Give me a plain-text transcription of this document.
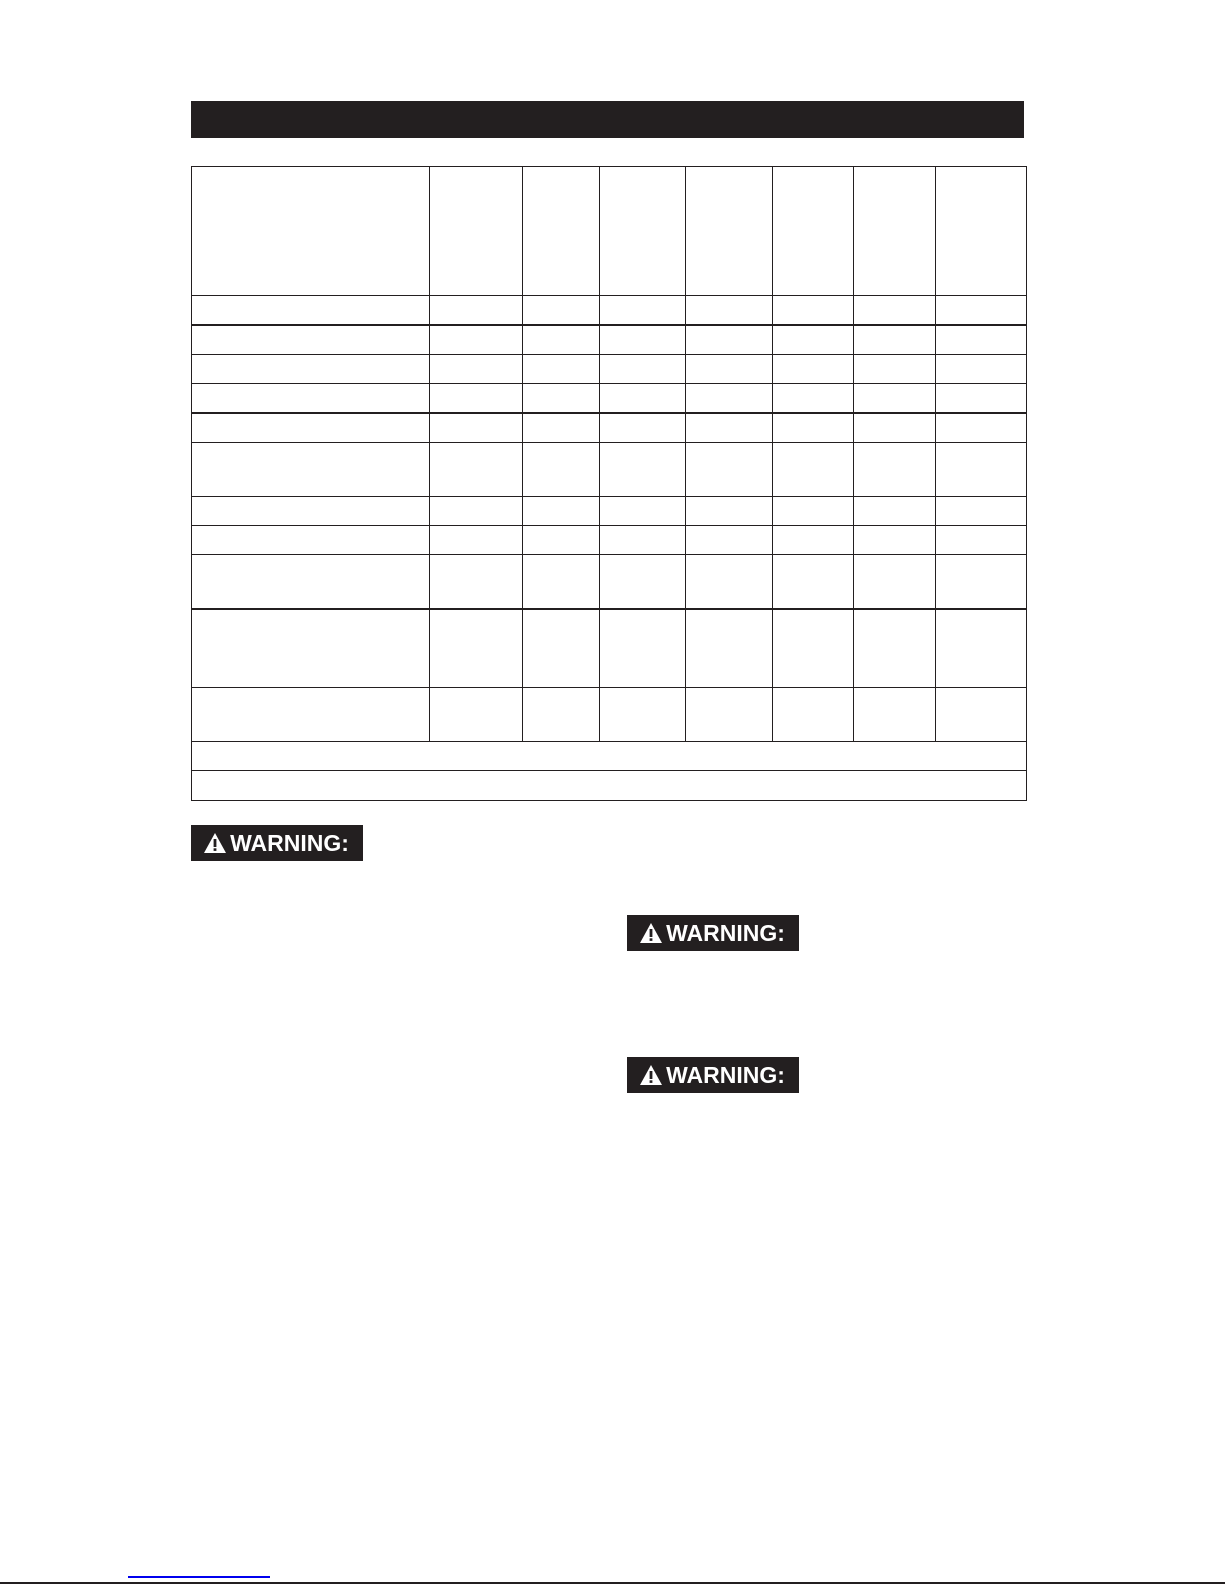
WARNING:
WARNING:
WARNING:
